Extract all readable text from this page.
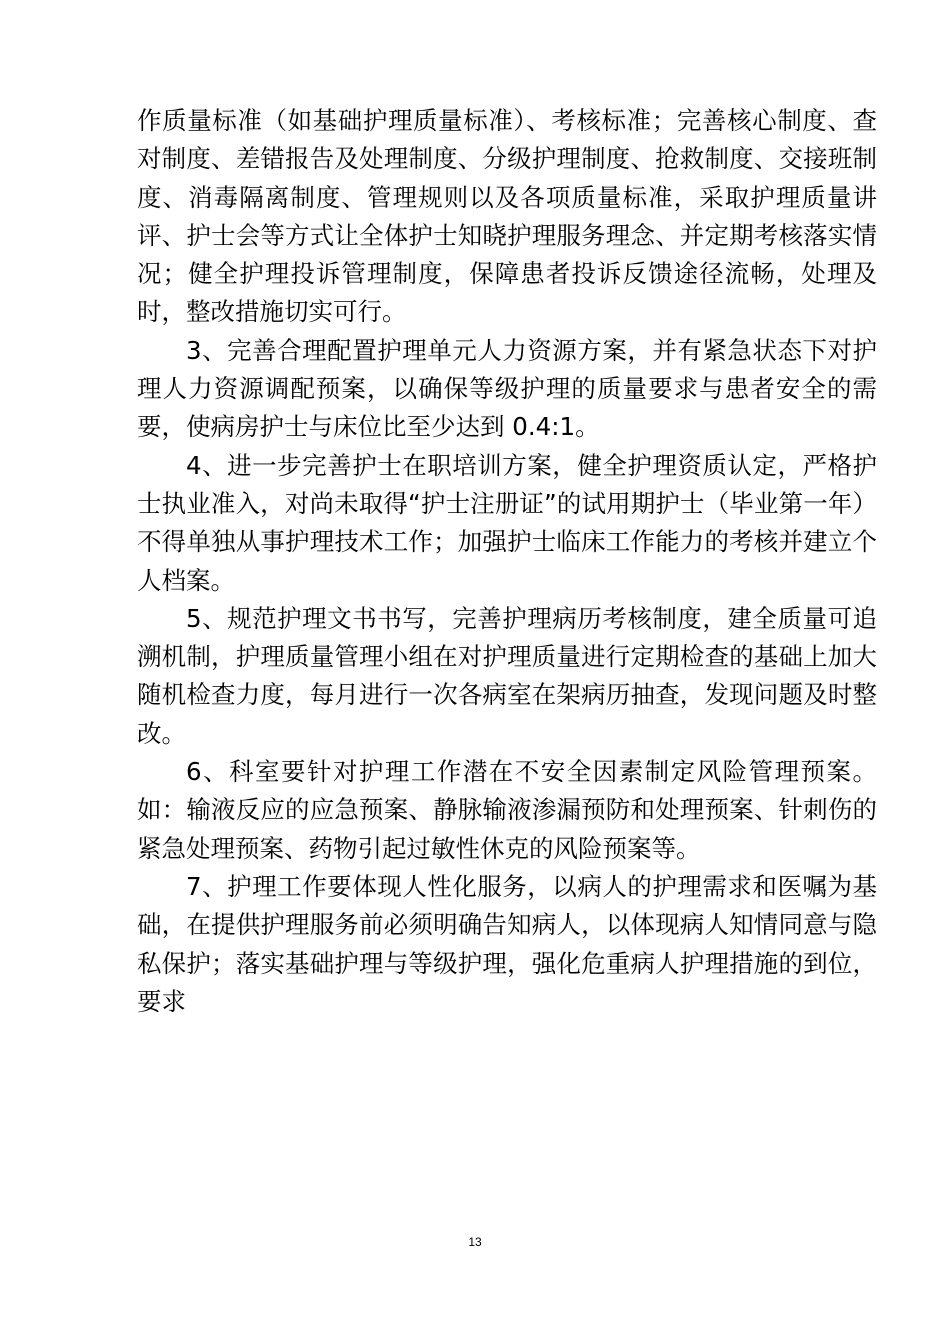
作质量标准（如基础护理质量标准）、考核标准；完善核心制度、查对制度、差错报告及处理制度、分级护理制度、抢救制度、交接班制度、消毒隔离制度、管理规则以及各项质量标准，采取护理质量讲评、护士会等方式让全体护士知晓护理服务理念、并定期考核落实情况；健全护理投诉管理制度，保障患者投诉反馈途径流畅，处理及时，整改措施切实可行。

3、完善合理配置护理单元人力资源方案，并有紧急状态下对护理人力资源调配预案，以确保等级护理的质量要求与患者安全的需要，使病房护士与床位比至少达到 0.4:1。

4、进一步完善护士在职培训方案，健全护理资质认定，严格护士执业准入，对尚未取得“护士注册证”的试用期护士（毕业第一年）不得单独从事护理技术工作；加强护士临床工作能力的考核并建立个人档案。

5、规范护理文书书写，完善护理病历考核制度，建全质量可追溯机制，护理质量管理小组在对护理质量进行定期检查的基础上加大随机检查力度，每月进行一次各病室在架病历抽查，发现问题及时整改。

6、科室要针对护理工作潜在不安全因素制定风险管理预案。如：输液反应的应急预案、静脉输液渗漏预防和处理预案、针刺伤的紧急处理预案、药物引起过敏性休克的风险预案等。

7、护理工作要体现人性化服务，以病人的护理需求和医嘱为基础，在提供护理服务前必须明确告知病人，以体现病人知情同意与隐私保护；落实基础护理与等级护理，强化危重病人护理措施的到位，要求

13
